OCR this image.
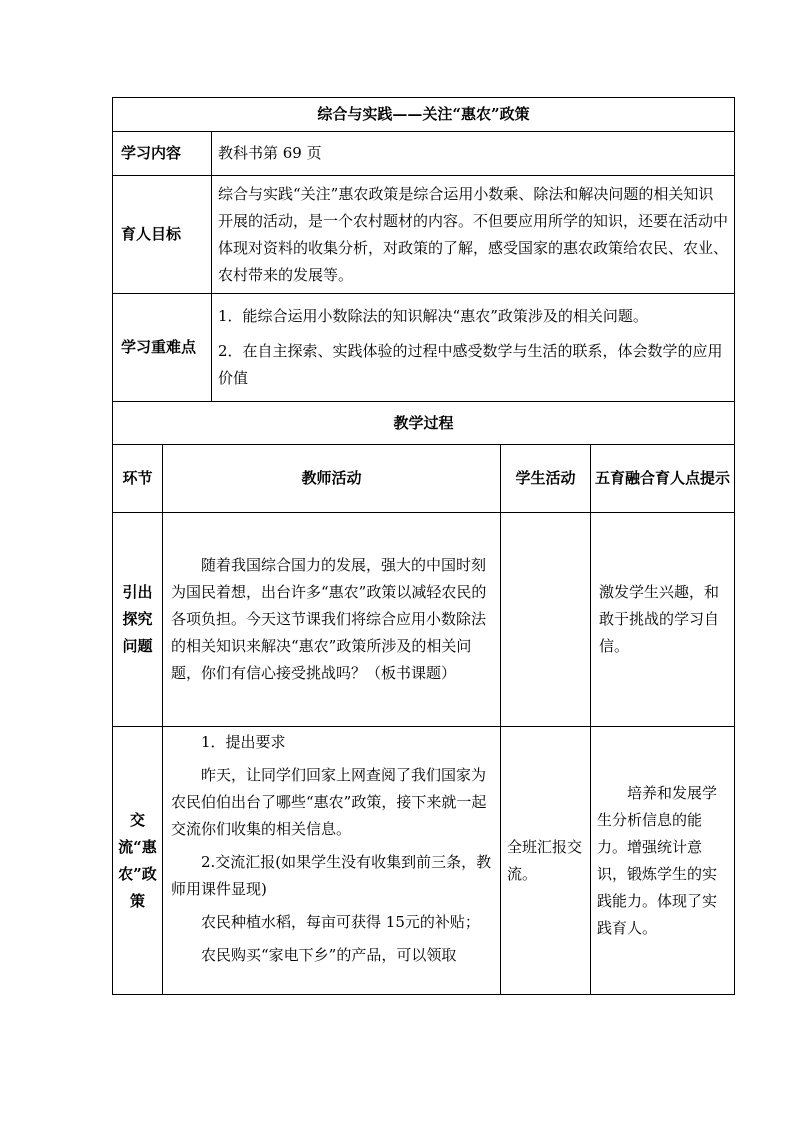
综合与实践——关注“惠农”政策				
学习内容		教科书第 69 页		
育人目标		综合与实践“关注”惠农政策是综合运用小数乘、除法和解决问题的相关知识开展的活动，是一个农村题材的内容。不但要应用所学的知识，还要在活动中体现对资料的收集分析，对政策的了解，感受国家的惠农政策给农民、农业、农村带来的发展等。		

学习重难点		1．能综合运用小数除法的知识解决“惠农”政策涉及的相关问题。

2．在自主探索、实践体验的过程中感受数学与生活的联系，体会数学的应用价值		

教学过程				
环节	教师活动		学生活动	五育融合育人点提示
引出探究问题	随着我国综合国力的发展，强大的中国时刻为国民着想，出台许多“惠农”政策以减轻农民的各项负担。今天这节课我们将综合应用小数除法的相关知识来解决“惠农”政策所涉及的相关问题，你们有信心接受挑战吗？（板书课题）			激发学生兴趣，和敢于挑战的学习自信。
交流“惠农”政策	1．提出要求

昨天，让同学们回家上网查阅了我们国家为农民伯伯出台了哪些“惠农”政策，接下来就一起交流你们收集的相关信息。

2.交流汇报(如果学生没有收集到前三条，教师用课件显现)

农民种植水稻，每亩可获得 15元的补贴；

农民购买“家电下乡”的产品，可以领取		全班汇报交流。	培养和发展学生分析信息的能力。增强统计意识，锻炼学生的实践能力。体现了实践育人。
